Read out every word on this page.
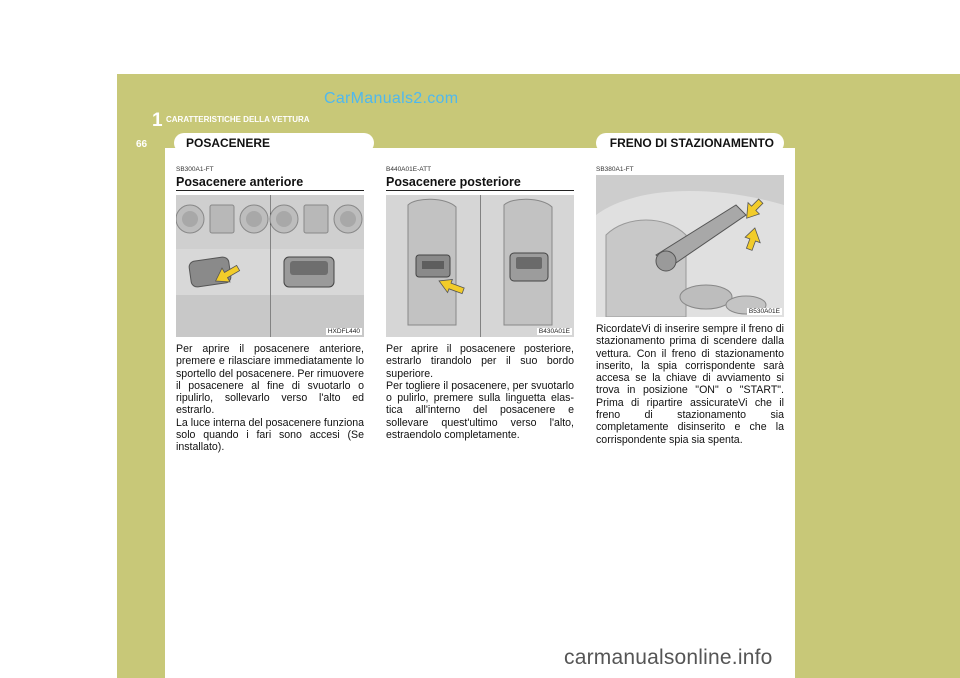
CarManuals2.com
1 CARATTERISTICHE DELLA VETTURA
66	POSACENERE	FRENO DI STAZIONAMENTO
SB300A1-FT
Posacenere anteriore
HXDFL440

Per aprire il posacenere anteriore, premere e rilasciare immediatamente lo sportello del posacenere. Per rimuovere il posacenere al fine di svuotarlo o ripulirlo, sollevarlo verso l'alto ed estrarlo.

La luce interna del posacenere funziona solo quando i fari sono accesi (Se installato).

B440A01E-ATT
Posacenere posteriore
B430A01E

Per aprire il posacenere posteriore, estrarlo tirandolo per il suo bordo superiore.

Per togliere il posacenere, per svuotarlo o pulirlo, premere sulla linguetta elas-tica all'interno del posacenere e sollevare quest'ultimo verso l'alto, estraendolo completamente.

SB380A1-FT
B530A01E

RicordateVi di inserire sempre il freno di stazionamento prima di scendere dalla vettura. Con il freno di stazionamento inserito, la spia corrispondente sarà accesa se la chiave di avviamento si trova in posizione "ON" o "START". Prima di ripartire assicurateVi che il freno di stazionamento sia completamente disinserito e che la corrispondente spia sia spenta.

carmanualsonline.info
